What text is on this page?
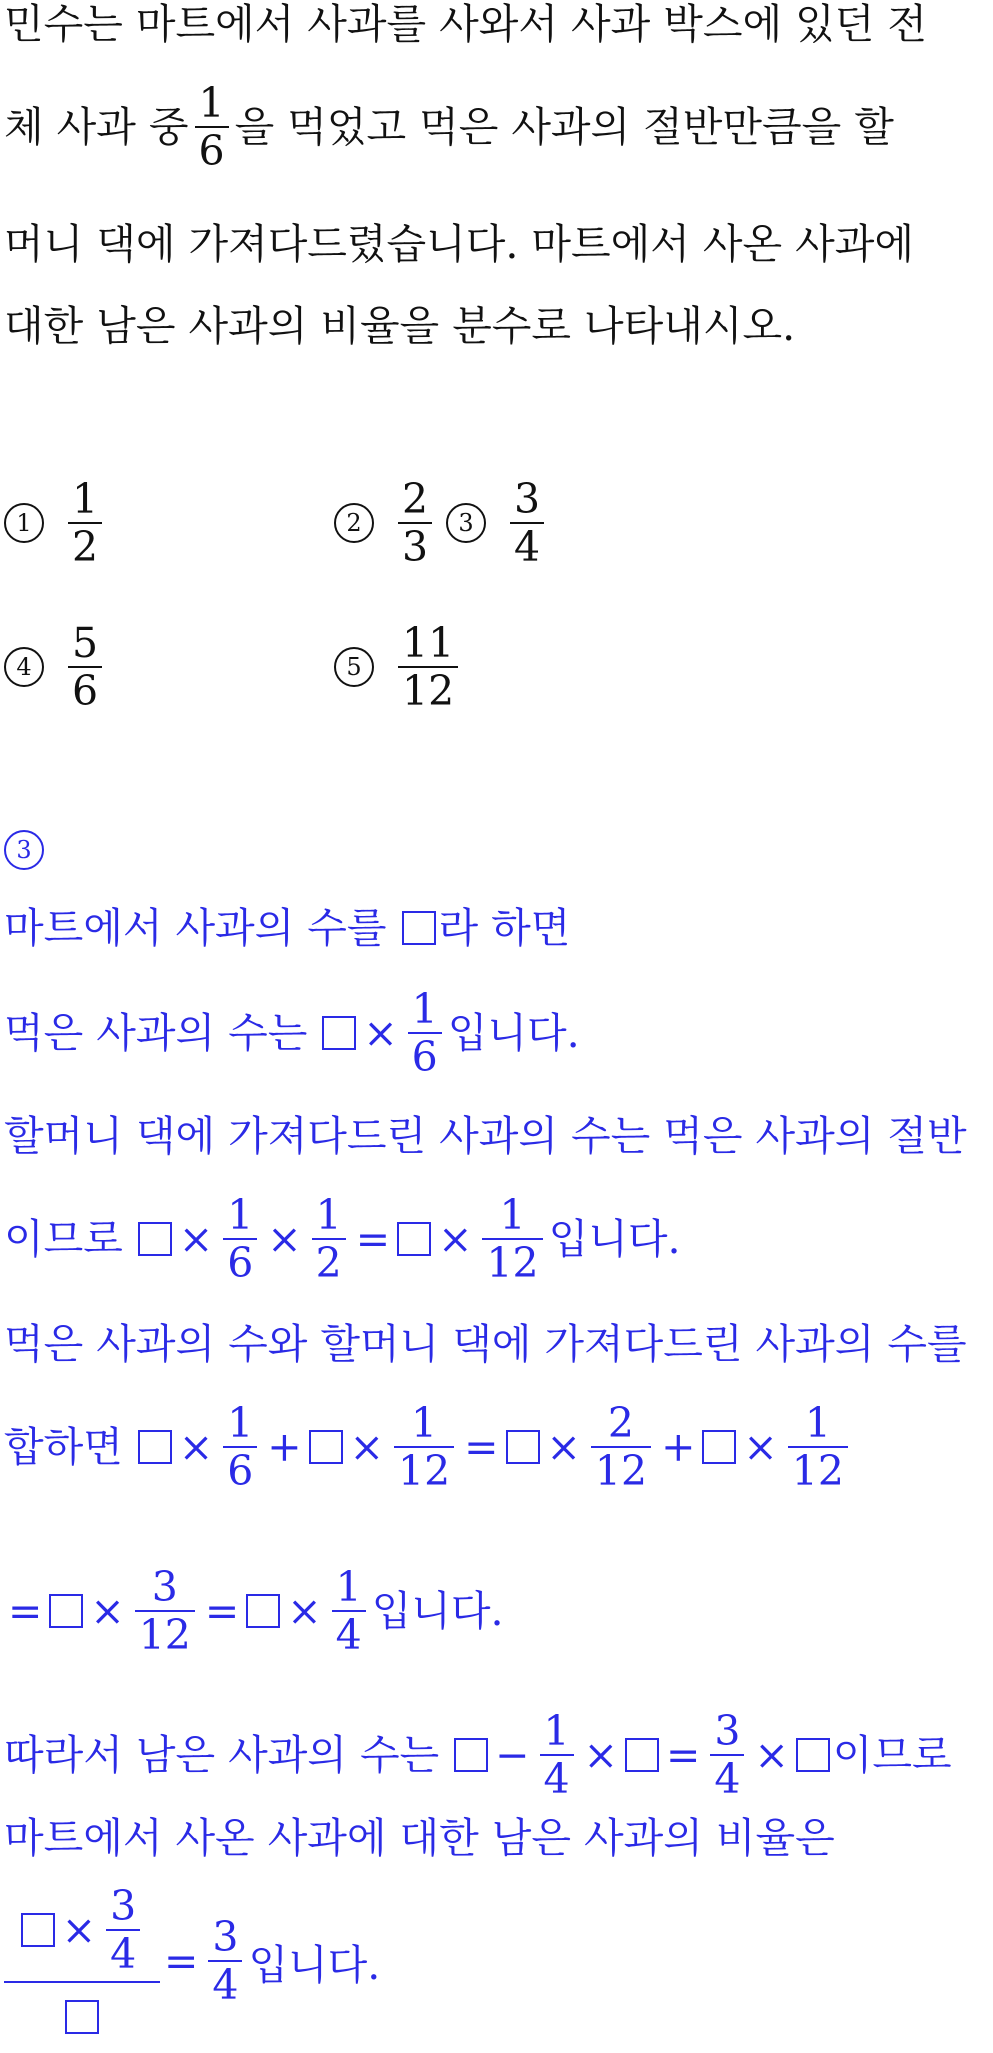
민수는 마트에서 사과를 사와서 사과 박스에 있던 전
체 사과 중 $\frac{1}{6}$ 을 먹었고 먹은 사과의 절반만큼을 할
머니 댁에 가져다드렸습니다. 마트에서 사온 사과에
대한 남은 사과의 비율을 분수로 나타내시오.
$1 \frac{1}{2}$	$2 \frac{2}{3}$	$3 \frac{3}{4}$
$4 \frac{5}{6}$	$5 \frac{11}{12}$
3
마트에서 사과의 수를 라 하면
먹은 사과의 수는 × $\frac{1}{6}$ 입니다.
할머니 댁에 가져다드린 사과의 수는 먹은 사과의 절반
이므로 × $\frac{1}{6} \times \frac{1}{2}$ = × $\frac{1}{12}$ 입니다.
먹은 사과의 수와 할머니 댁에 가져다드린 사과의 수를
합하면 × $\frac{1}{6}$ + × $\frac{1}{12}$ = × $\frac{2}{12}$ + × $\frac{1}{12}$
= × $\frac{3}{12}$ = × $\frac{1}{4}$ 입니다.
따라서 남은 사과의 수는 − $\frac{1}{4}$ × = $\frac{3}{4}$ × 이므로
마트에서 사온 사과에 대한 남은 사과의 비율은
× $\frac{3}{4} = \frac{3}{4}$ 입니다.
